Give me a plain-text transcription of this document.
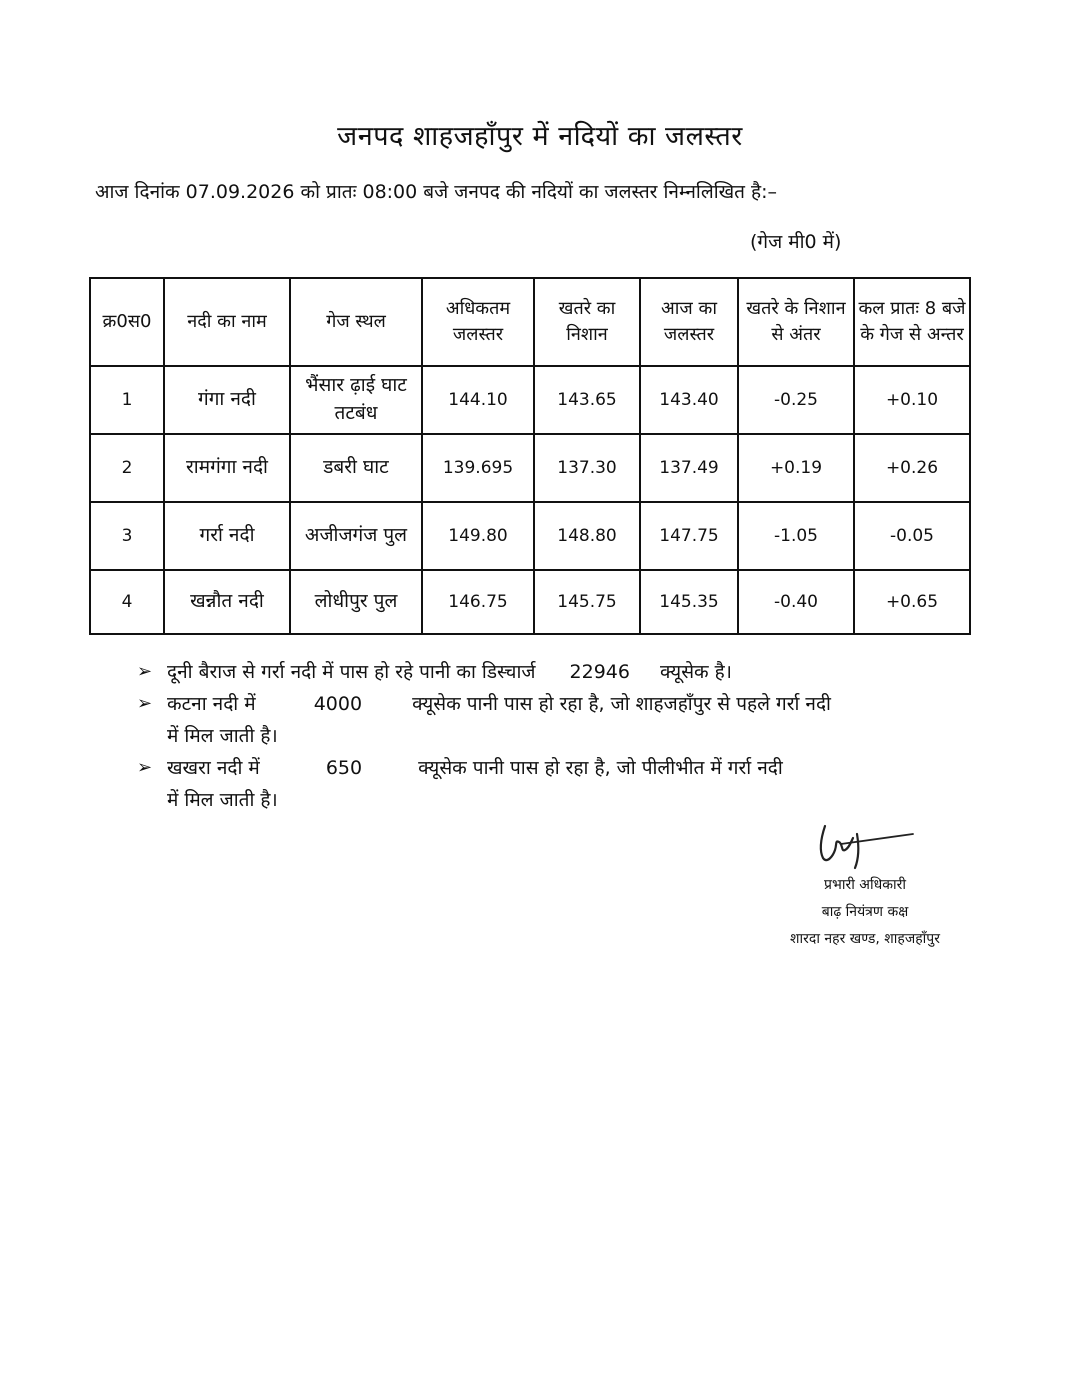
जनपद शाहजहाँपुर में नदियों का जलस्तर
आज दिनांक 07.09.2026 को प्रातः 08:00 बजे जनपद की नदियों का जलस्तर निम्नलिखित है:–
(गेज मी0 में)
क्र0स0	नदी का नाम	गेज स्थल	अधिकतम जलस्तर	खतरे का निशान	आज का जलस्तर	खतरे के निशान से अंतर	कल प्रातः 8 बजे के गेज से अन्तर
1	गंगा नदी	भैंसार ढ़ाई घाट तटबंध	144.10	143.65	143.40	-0.25	+0.10
2	रामगंगा नदी	डबरी घाट	139.695	137.30	137.49	+0.19	+0.26
3	गर्रा नदी	अजीजगंज पुल	149.80	148.80	147.75	-1.05	-0.05
4	खन्नौत नदी	लोधीपुर पुल	146.75	145.75	145.35	-0.40	+0.65
➢ दूनी बैराज से गर्रा नदी में पास हो रहे पानी का डिस्चार्ज 22946 क्यूसेक है।
➢ कटना नदी में	4000	क्यूसेक पानी पास हो रहा है, जो शाहजहाँपुर से पहले गर्रा नदी
में मिल जाती है।
➢ खखरा नदी में	650	क्यूसेक पानी पास हो रहा है, जो पीलीभीत में गर्रा नदी
में मिल जाती है।
प्रभारी अधिकारी
बाढ़ नियंत्रण कक्ष
शारदा नहर खण्ड, शाहजहाँपुर
